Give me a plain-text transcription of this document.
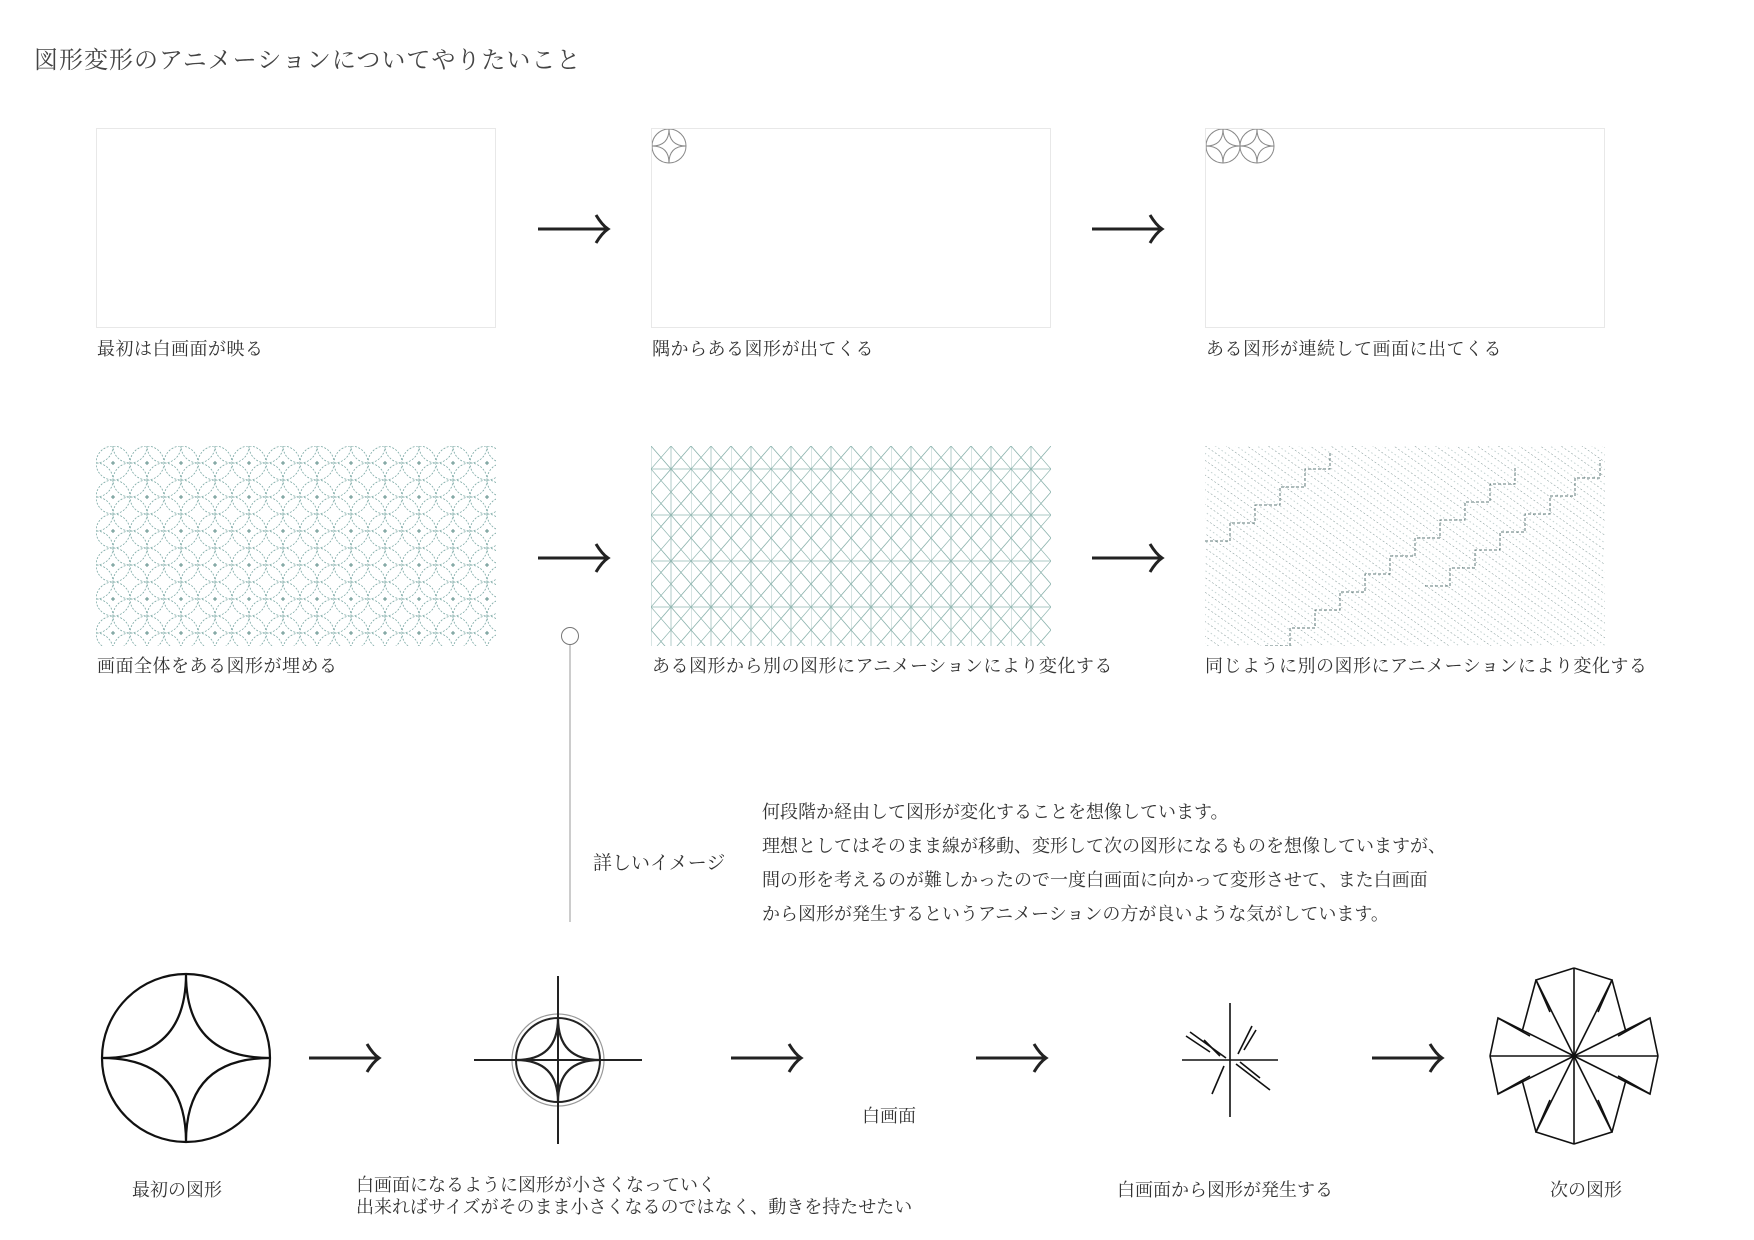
図形変形のアニメーションについてやりたいこと
最初は白画面が映る	隅からある図形が出てくる	ある図形が連続して画面に出てくる
画面全体をある図形が埋める	ある図形から別の図形にアニメーションにより変化する	同じように別の図形にアニメーションにより変化する
詳しいイメージ
何段階か経由して図形が変化することを想像しています。
理想としてはそのまま線が移動、変形して次の図形になるものを想像していますが、
間の形を考えるのが難しかったので一度白画面に向かって変形させて、また白画面
から図形が発生するというアニメーションの方が良いような気がしています。
最初の図形	白画面になるように図形が小さくなっていく
出来ればサイズがそのまま小さくなるのではなく、動きを持たせたい
白画面
白画面から図形が発生する	次の図形
